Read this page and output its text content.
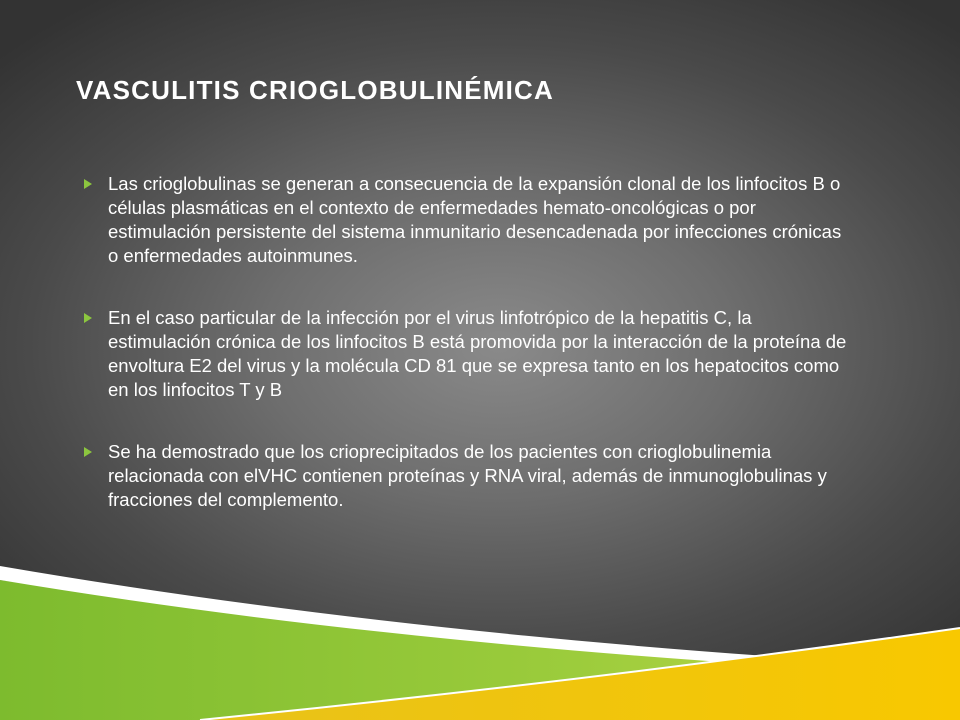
VASCULITIS CRIOGLOBULINÉMICA
Las crioglobulinas se generan a consecuencia de la expansión clonal de los linfocitos B o células plasmáticas en el contexto de enfermedades hemato-oncológicas o por estimulación persistente del sistema inmunitario desencadenada por infecciones crónicas o enfermedades autoinmunes.
En el caso particular de la infección por el virus linfotrópico de la hepatitis C, la estimulación crónica de los linfocitos B está promovida por la interacción de la proteína de envoltura E2 del virus y la molécula CD 81 que se expresa tanto en los hepatocitos como en los linfocitos T y B
Se ha demostrado que los crioprecipitados de los pacientes con crioglobulinemia relacionada con elVHC contienen proteínas y RNA viral, además de inmunoglobulinas y fracciones del complemento.
